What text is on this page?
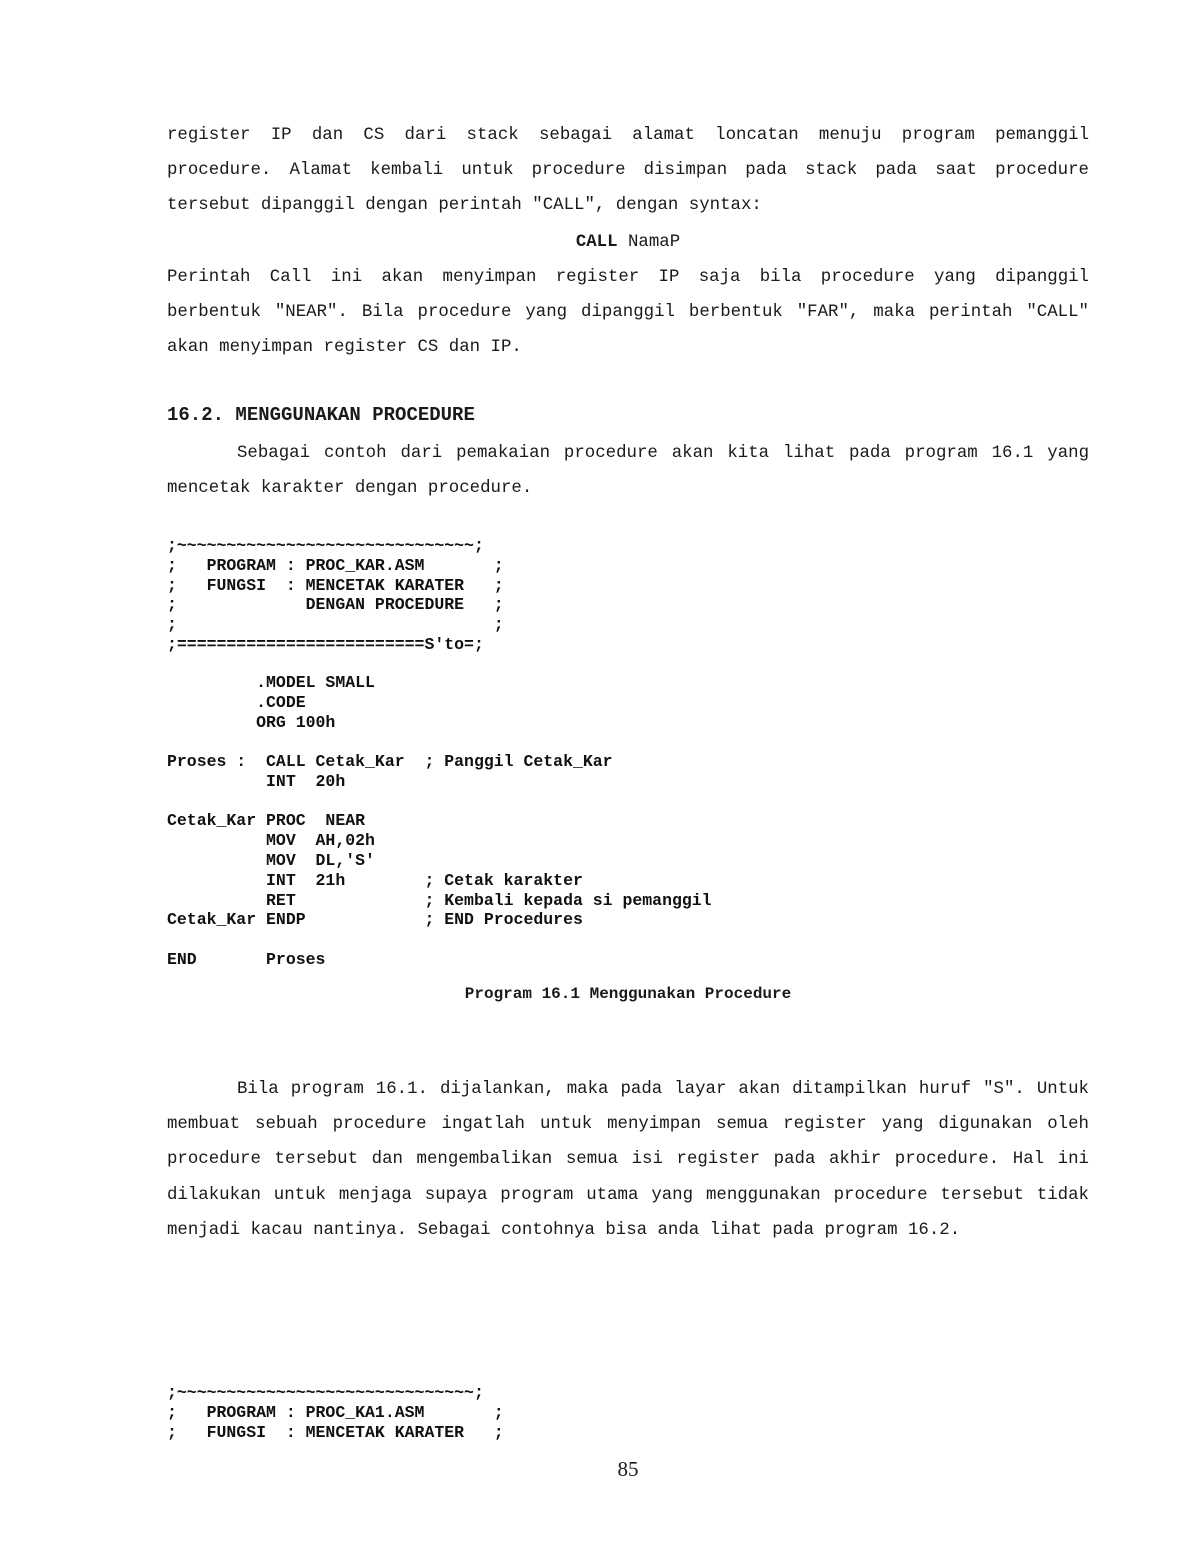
register IP dan CS dari stack sebagai alamat loncatan menuju program pemanggil procedure. Alamat kembali untuk procedure disimpan pada stack pada saat procedure tersebut dipanggil dengan perintah "CALL", dengan syntax:

CALL NamaP

Perintah Call ini akan menyimpan register IP saja bila procedure yang dipanggil berbentuk "NEAR". Bila procedure yang dipanggil berbentuk "FAR", maka perintah "CALL" akan menyimpan register CS dan IP.

16.2. MENGGUNAKAN PROCEDURE

Sebagai contoh dari pemakaian procedure akan kita lihat pada program 16.1 yang mencetak karakter dengan procedure.

;~~~~~~~~~~~~~~~~~~~~~~~~~~~~~~;
;   PROGRAM : PROC_KAR.ASM       ;
;   FUNGSI  : MENCETAK KARATER   ;
;             DENGAN PROCEDURE   ;
;                                ;
;=========================S'to=;
.MODEL SMALL
.CODE
ORG 100h
Proses :  CALL Cetak_Kar  ; Panggil Cetak_Kar
INT  20h

Cetak_Kar PROC  NEAR
MOV  AH,02h
MOV  DL,'S'
INT  21h        ; Cetak karakter
RET             ; Kembali kepada si pemanggil
Cetak_Kar ENDP            ; END Procedures

END       Proses

Program 16.1 Menggunakan Procedure

Bila program 16.1. dijalankan, maka pada layar akan ditampilkan huruf "S". Untuk membuat sebuah procedure ingatlah untuk menyimpan semua register yang digunakan oleh procedure tersebut dan mengembalikan semua isi register pada akhir procedure. Hal ini dilakukan untuk menjaga supaya program utama yang menggunakan procedure tersebut tidak menjadi kacau nantinya. Sebagai contohnya bisa anda lihat pada program 16.2.

;~~~~~~~~~~~~~~~~~~~~~~~~~~~~~~;
;   PROGRAM : PROC_KA1.ASM       ;
;   FUNGSI  : MENCETAK KARATER   ;
85
